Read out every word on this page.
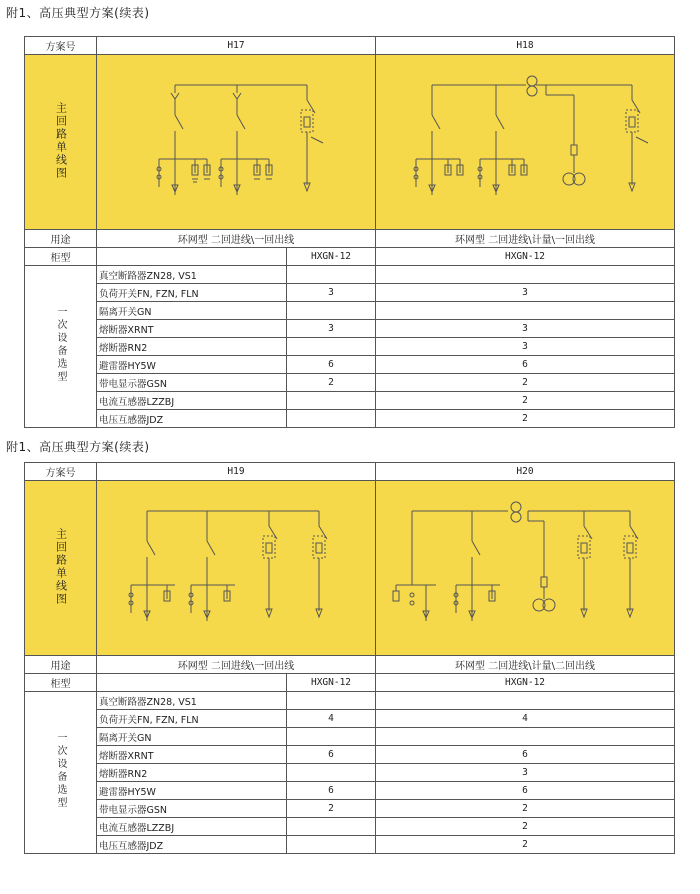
附1、高压典型方案(续表)
方案号	H17		H18
主回路单线图	

用途	环网型 二回进线\一回出线		环网型 二回进线\计量\一回出线
柜型		HXGN-12	HXGN-12
一次设备选型	真空断路器ZN28, VS1		
	负荷开关FN, FZN, FLN	3	3
	隔离开关GN		
	熔断器XRNT	3	3
	熔断器RN2		3
	避雷器HY5W	6	6
	带电显示器GSN	2	2
	电流互感器LZZBJ		2
	电压互感器JDZ		2
附1、高压典型方案(续表)
方案号	H19		H20
主回路单线图	

用途	环网型 二回进线\一回出线		环网型 二回进线\计量\二回出线
柜型		HXGN-12	HXGN-12
一次设备选型	真空断路器ZN28, VS1		
	负荷开关FN, FZN, FLN	4	4
	隔离开关GN		
	熔断器XRNT	6	6
	熔断器RN2		3
	避雷器HY5W	6	6
	带电显示器GSN	2	2
	电流互感器LZZBJ		2
	电压互感器JDZ		2
